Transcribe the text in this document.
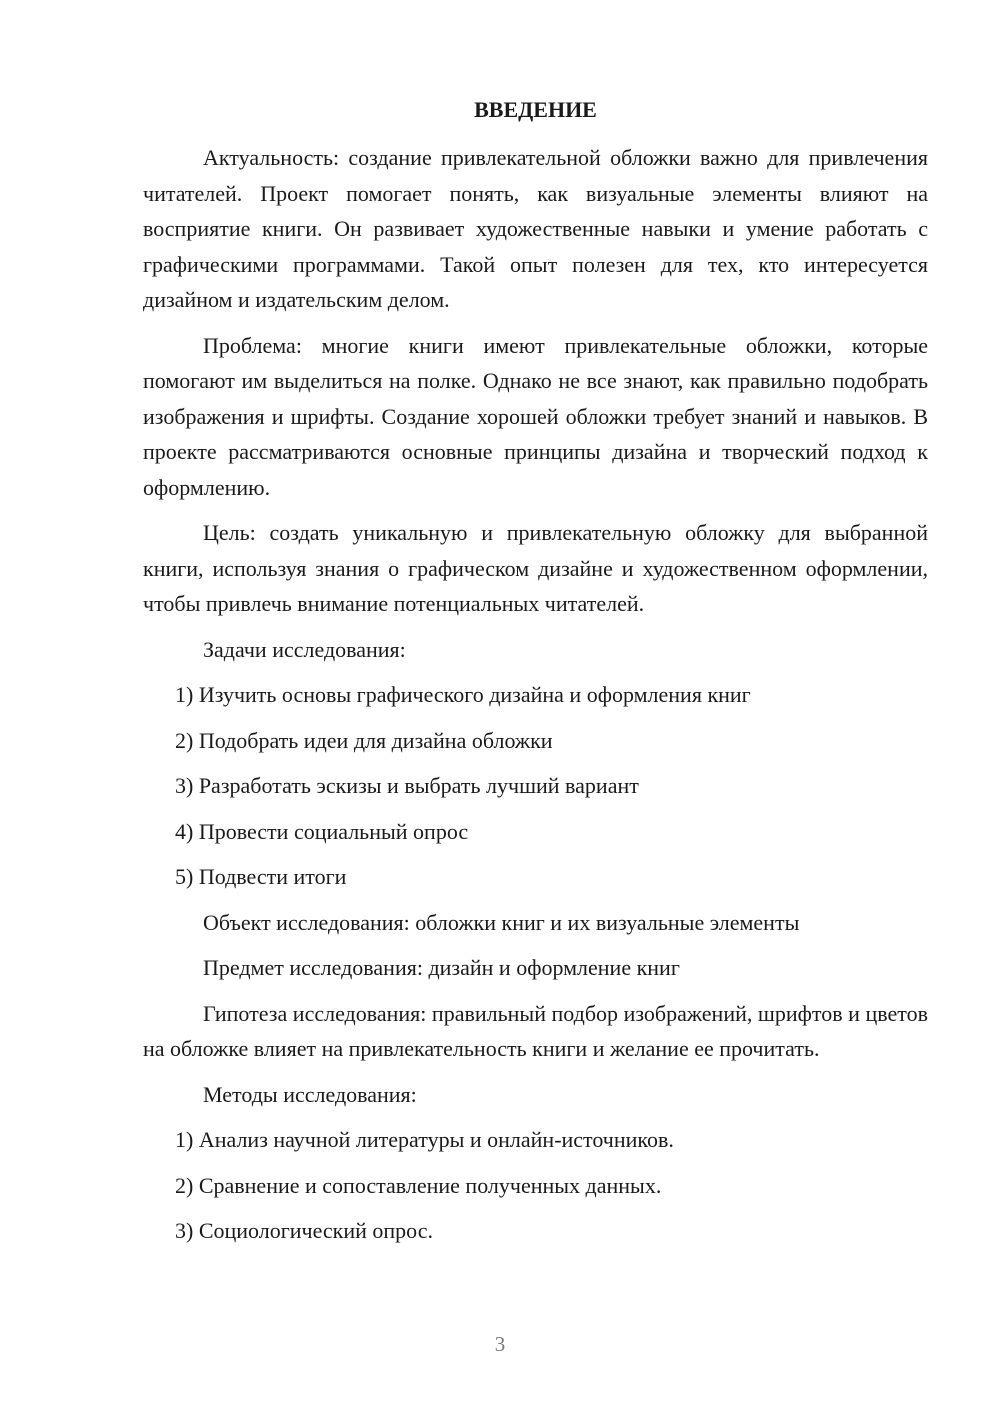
ВВЕДЕНИЕ

Актуальность: создание привлекательной обложки важно для привлечения читателей. Проект помогает понять, как визуальные элементы влияют на восприятие книги. Он развивает художественные навыки и умение работать с графическими программами. Такой опыт полезен для тех, кто интересуется дизайном и издательским делом.

Проблема: многие книги имеют привлекательные обложки, которые помогают им выделиться на полке. Однако не все знают, как правильно подобрать изображения и шрифты. Создание хорошей обложки требует знаний и навыков. В проекте рассматриваются основные принципы дизайна и творческий подход к оформлению.

Цель: создать уникальную и привлекательную обложку для выбранной книги, используя знания о графическом дизайне и художественном оформлении, чтобы привлечь внимание потенциальных читателей.

Задачи исследования:

1) Изучить основы графического дизайна и оформления книг

2) Подобрать идеи для дизайна обложки

3) Разработать эскизы и выбрать лучший вариант

4) Провести социальный опрос

5) Подвести итоги

Объект исследования: обложки книг и их визуальные элементы

Предмет исследования: дизайн и оформление книг

Гипотеза исследования: правильный подбор изображений, шрифтов и цветов на обложке влияет на привлекательность книги и желание ее прочитать.

Методы исследования:

1) Анализ научной литературы и онлайн-источников.

2) Сравнение и сопоставление полученных данных.

3) Социологический опрос.

3
